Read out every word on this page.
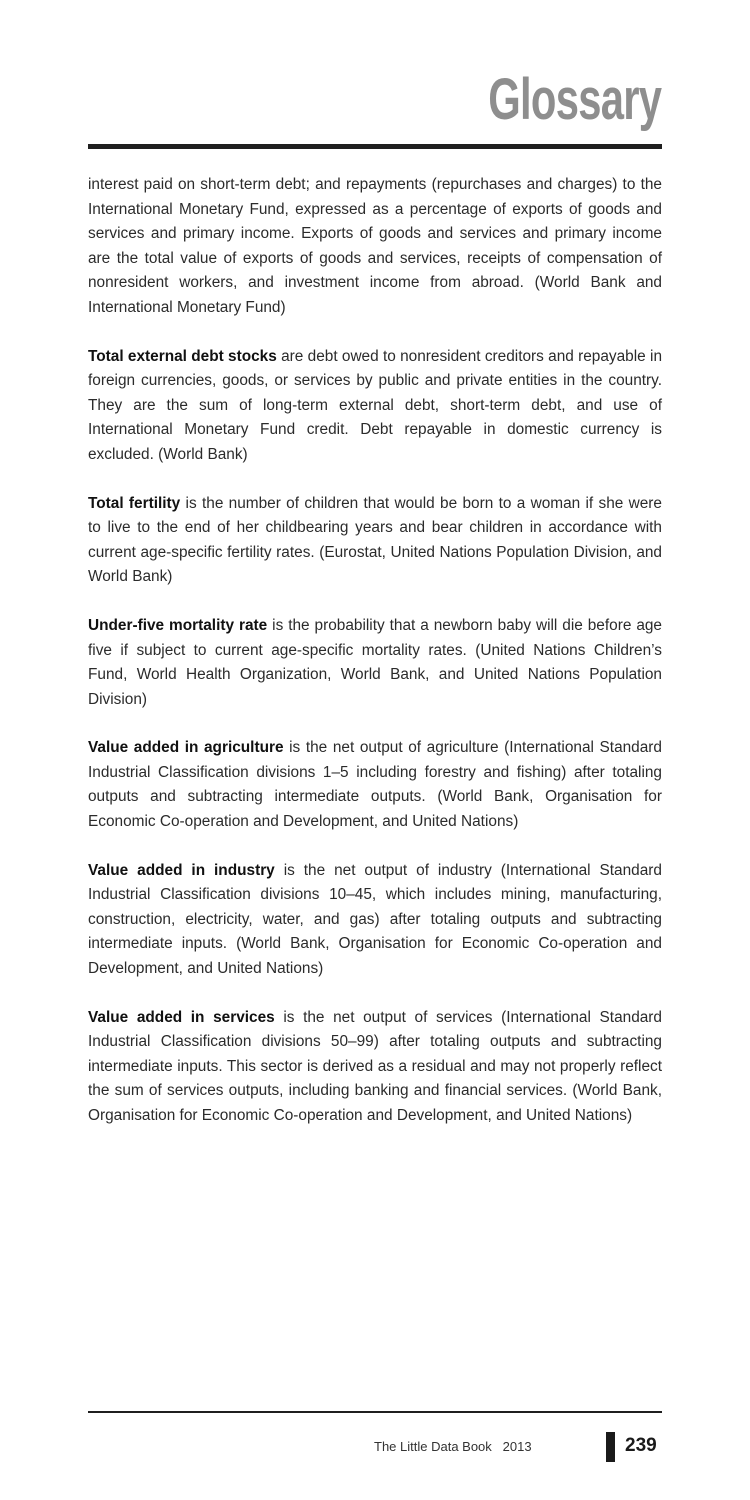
Glossary

interest paid on short-term debt; and repayments (repurchases and charges) to the International Monetary Fund, expressed as a percentage of exports of goods and services and primary income. Exports of goods and services and primary income are the total value of exports of goods and services, receipts of compensation of nonresident workers, and investment income from abroad. (World Bank and International Monetary Fund)

Total external debt stocks are debt owed to nonresident creditors and repayable in foreign currencies, goods, or services by public and private entities in the country. They are the sum of long-term external debt, short-term debt, and use of International Monetary Fund credit. Debt repayable in domestic currency is excluded. (World Bank)

Total fertility is the number of children that would be born to a woman if she were to live to the end of her childbearing years and bear children in accordance with current age-specific fertility rates. (Eurostat, United Nations Population Division, and World Bank)

Under-five mortality rate is the probability that a newborn baby will die before age five if subject to current age-specific mortality rates. (United Nations Children’s Fund, World Health Organization, World Bank, and United Nations Population Division)

Value added in agriculture is the net output of agriculture (International Standard Industrial Classification divisions 1–5 including forestry and fishing) after totaling outputs and subtracting intermediate outputs. (World Bank, Organisation for Economic Co-operation and Development, and United Nations)

Value added in industry is the net output of industry (International Standard Industrial Classification divisions 10–45, which includes mining, manufacturing, construction, electricity, water, and gas) after totaling outputs and subtracting intermediate inputs. (World Bank, Organisation for Economic Co-operation and Development, and United Nations)

Value added in services is the net output of services (International Standard Industrial Classification divisions 50–99) after totaling outputs and subtracting intermediate inputs. This sector is derived as a residual and may not properly reflect the sum of services outputs, including banking and financial services. (World Bank, Organisation for Economic Co-operation and Development, and United Nations)

The Little Data Book 2013	239
